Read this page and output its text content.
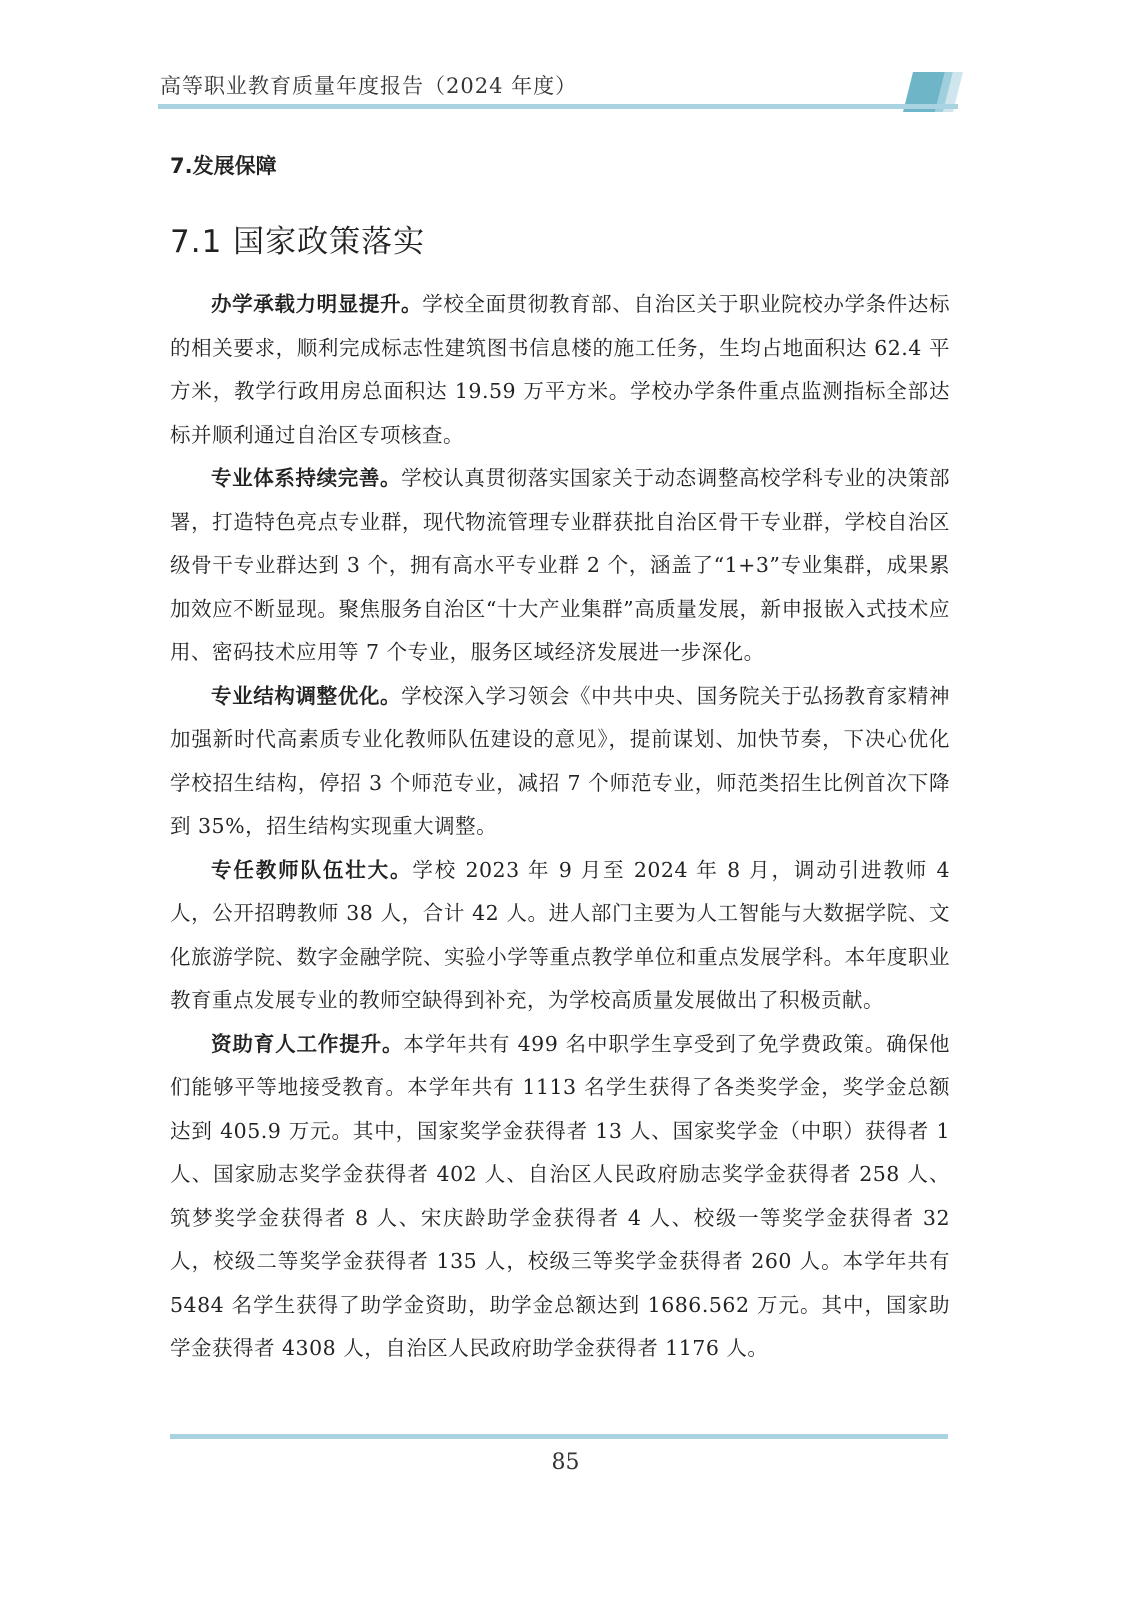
高等职业教育质量年度报告（2024 年度）
7.发展保障
7.1 国家政策落实

办学承载力明显提升。学校全面贯彻教育部、自治区关于职业院校办学条件达标的相关要求，顺利完成标志性建筑图书信息楼的施工任务，生均占地面积达 62.4 平方米，教学行政用房总面积达 19.59 万平方米。学校办学条件重点监测指标全部达标并顺利通过自治区专项核查。

专业体系持续完善。学校认真贯彻落实国家关于动态调整高校学科专业的决策部署，打造特色亮点专业群，现代物流管理专业群获批自治区骨干专业群，学校自治区级骨干专业群达到 3 个，拥有高水平专业群 2 个，涵盖了“1+3”专业集群，成果累加效应不断显现。聚焦服务自治区“十大产业集群”高质量发展，新申报嵌入式技术应用、密码技术应用等 7 个专业，服务区域经济发展进一步深化。

专业结构调整优化。学校深入学习领会《中共中央、国务院关于弘扬教育家精神 加强新时代高素质专业化教师队伍建设的意见》，提前谋划、加快节奏，下决心优化学校招生结构，停招 3 个师范专业，减招 7 个师范专业，师范类招生比例首次下降到 35%，招生结构实现重大调整。

专任教师队伍壮大。学校 2023 年 9 月至 2024 年 8 月，调动引进教师 4 人，公开招聘教师 38 人，合计 42 人。进人部门主要为人工智能与大数据学院、文化旅游学院、数字金融学院、实验小学等重点教学单位和重点发展学科。本年度职业教育重点发展专业的教师空缺得到补充，为学校高质量发展做出了积极贡献。

资助育人工作提升。本学年共有 499 名中职学生享受到了免学费政策。确保他们能够平等地接受教育。本学年共有 1113 名学生获得了各类奖学金，奖学金总额达到 405.9 万元。其中，国家奖学金获得者 13 人、国家奖学金（中职）获得者 1 人、国家励志奖学金获得者 402 人、自治区人民政府励志奖学金获得者 258 人、筑梦奖学金获得者 8 人、宋庆龄助学金获得者 4 人、校级一等奖学金获得者 32 人，校级二等奖学金获得者 135 人，校级三等奖学金获得者 260 人。本学年共有 5484 名学生获得了助学金资助，助学金总额达到 1686.562 万元。其中，国家助学金获得者 4308 人，自治区人民政府助学金获得者 1176 人。

85
